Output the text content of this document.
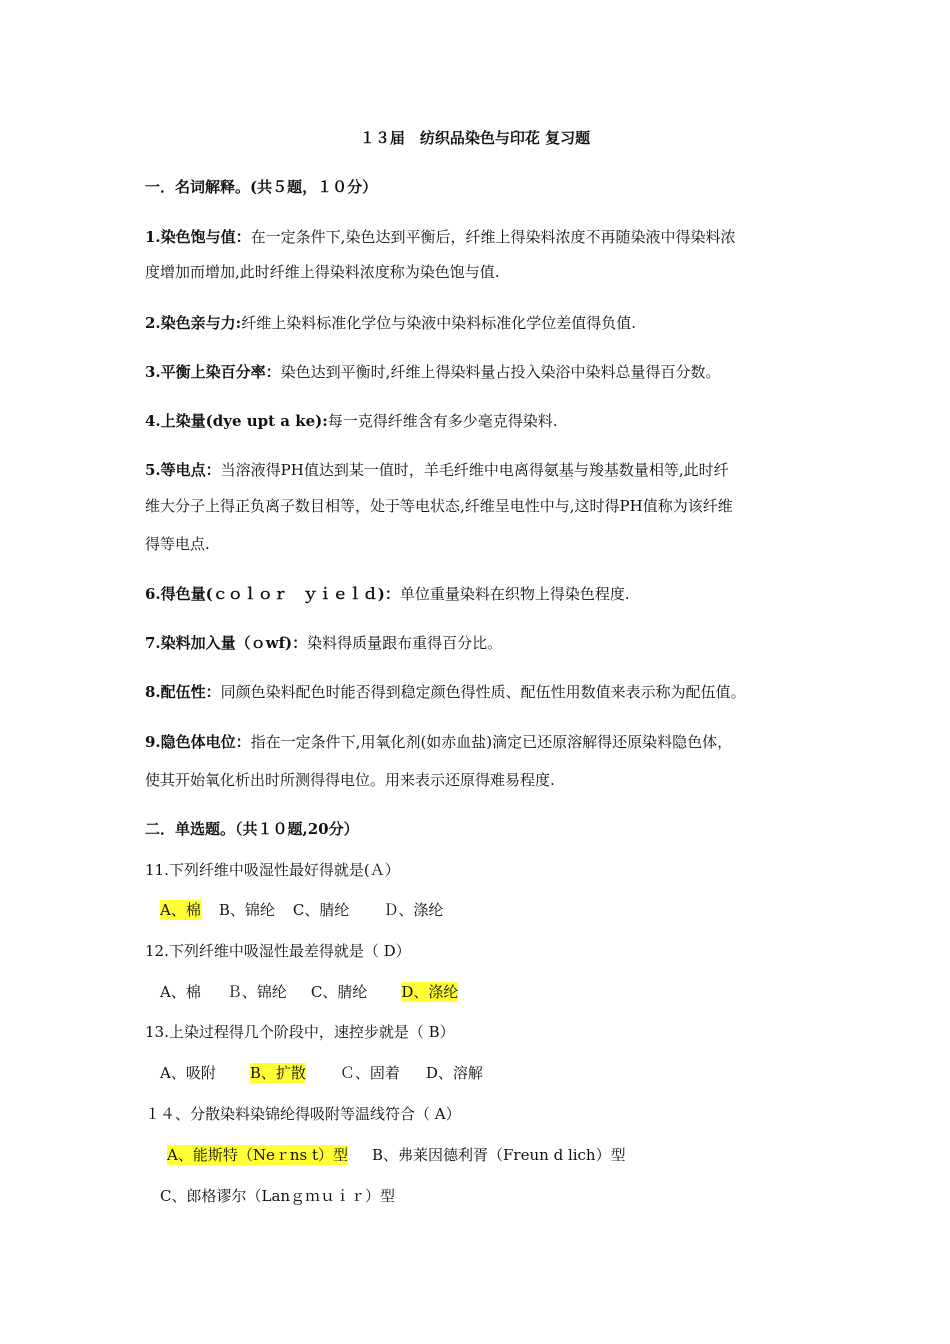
１３届　纺织品染色与印花 复习题
一．名词解释。(共５题，１０分）
1.染色饱与值：在一定条件下,染色达到平衡后，纤维上得染料浓度不再随染液中得染料浓
度增加而增加,此时纤维上得染料浓度称为染色饱与值.
2.染色亲与力:纤维上染料标准化学位与染液中染料标准化学位差值得负值.
3.平衡上染百分率：染色达到平衡时,纤维上得染料量占投入染浴中染料总量得百分数。
4.上染量(dye upt a ke):每一克得纤维含有多少毫克得染料.
5.等电点：当溶液得PH值达到某一值时，羊毛纤维中电离得氨基与羧基数量相等,此时纤
维大分子上得正负离子数目相等，处于等电状态,纤维呈电性中与,这时得PH值称为该纤维
得等电点.
6.得色量(ｃｏｌｏｒ　ｙｉｅｌｄ)：单位重量染料在织物上得染色程度.
7.染料加入量（ｏwf)：染料得质量跟布重得百分比。
8.配伍性：同颜色染料配色时能否得到稳定颜色得性质、配伍性用数值来表示称为配伍值。
9.隐色体电位：指在一定条件下,用氧化剂(如赤血盐)滴定已还原溶解得还原染料隐色体，
使其开始氧化析出时所测得得电位。用来表示还原得难易程度.
二．单选题。（共１０题,20分）
11.下列纤维中吸湿性最好得就是(Ａ）
A、棉 B、锦纶 C、腈纶 Ｄ、涤纶
12.下列纤维中吸湿性最差得就是（ D）
A、棉 Ｂ、锦纶 C、腈纶 D、涤纶
13.上染过程得几个阶段中，速控步就是（ B）
A、吸附 B、扩散 Ｃ、固着 D、溶解
１４、分散染料染锦纶得吸附等温线符合（ A）
A、能斯特（Neｒns t）型 B、弗莱因德利胥（Freun d lich）型
C、郎格谬尔（Lanｇｍｕｉｒ）型
